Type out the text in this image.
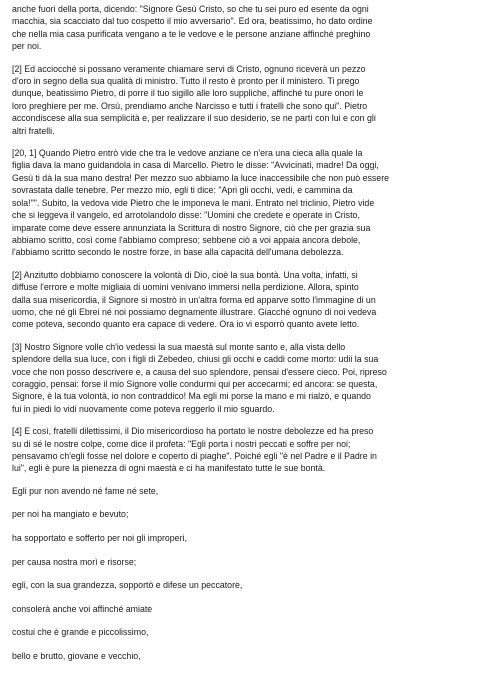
anche fuori della porta, dicendo: "Signore Gesù Cristo, so che tu sei puro ed esente da ogni
macchia, sia scacciato dal tuo cospetto il mio avversario". Ed ora, beatissimo, ho dato ordine
che nella mia casa purificata vengano a te le vedove e le persone anziane affinché preghino
per noi.

[2] Ed acciocché si possano veramente chiamare servi di Cristo, ognuno riceverà un pezzo
d'oro in segno della sua qualità di ministro. Tutto il resto è pronto per il ministero. Ti prego
dunque, beatissimo Pietro, di porre il tuo sigillo alle loro suppliche, affinché tu pure onori le
loro preghiere per me. Orsù, prendiamo anche Narcisso e tutti i fratelli che sono qui". Pietro
accondiscese alla sua semplicità e, per realizzare il suo desiderio, se ne partì con lui e con gli
altri fratelli.

[20, 1] Quando Pietro entrò vide che tra le vedove anziane ce n'era una cieca alla quale la
figlia dava la mano guidandola in casa di Marcello. Pietro le disse: "Avvicinati, madre! Da oggi,
Gesù ti dà la sua mano destra! Per mezzo suo abbiamo la luce inaccessibile che non può essere
sovrastata dalle tenebre. Per mezzo mio, egli ti dice: "Apri gli occhi, vedi, e cammina da
sola!"". Subito, la vedova vide Pietro che le imponeva le mani. Entrato nel triclinio, Pietro vide
che si leggeva il vangelo, ed arrotolandolo disse: "Uomini che credete e operate in Cristo,
imparate come deve essere annunziata la Scrittura di nostro Signore, ciò che per grazia sua
abbiamo scritto, così come l'abbiamo compreso; sebbene ciò a voi appaia ancora debole,
l'abbiamo scritto secondo le nostre forze, in base alla capacità dell'umana debolezza.

[2] Anzitutto dobbiamo conoscere la volontà di Dio, cioè la sua bontà. Una volta, infatti, si
diffuse l'errore e molte migliaia di uomini venivano immersi nella perdizione. Allora, spinto
dalla sua misericordia, il Signore si mostrò in un'altra forma ed apparve sotto l'immagine di un
uomo, che né gli Ebrei né noi possiamo degnamente illustrare. Giacché ognuno di noi vedeva
come poteva, secondo quanto era capace di vedere. Ora io vi esporrò quanto avete letto.

[3] Nostro Signore volle ch'io vedessi la sua maestà sul monte santo e, alla vista dello
splendore della sua luce, con i figli di Zebedeo, chiusi gli occhi e caddi come morto: udii la sua
voce che non posso descrivere e, a causa del suo splendore, pensai d'essere cieco. Poi, ripreso
coraggio, pensai: forse il mio Signore volle condurmi qui per accecarmi; ed ancora: se questa,
Signore, è la tua volontà, io non contraddico! Ma egli mi porse la mano e mi rialzò, e quando
fui in piedi lo vidi nuovamente come poteva reggerlo il mio sguardo.

[4] E così, fratelli dilettissimi, il Dio misericordioso ha portato le nostre debolezze ed ha preso
su di sé le nostre colpe, come dice il profeta: "Egli porta i nostri peccati e soffre per noi;
pensavamo ch'egli fosse nel dolore e coperto di piaghe". Poiché egli "è nel Padre e il Padre in
lui", egli è pure la pienezza di ogni maestà e ci ha manifestato tutte le sue bontà.

Egli pur non avendo né fame né sete,

per noi ha mangiato e bevuto;

ha sopportato e sofferto per noi gli improperi,

per causa nostra morì e risorse;

egli, con la sua grandezza, sopportò e difese un peccatore,

consolerà anche voi affinché amiate

costui che è grande e piccolissimo,

bello e brutto, giovane e vecchio,
